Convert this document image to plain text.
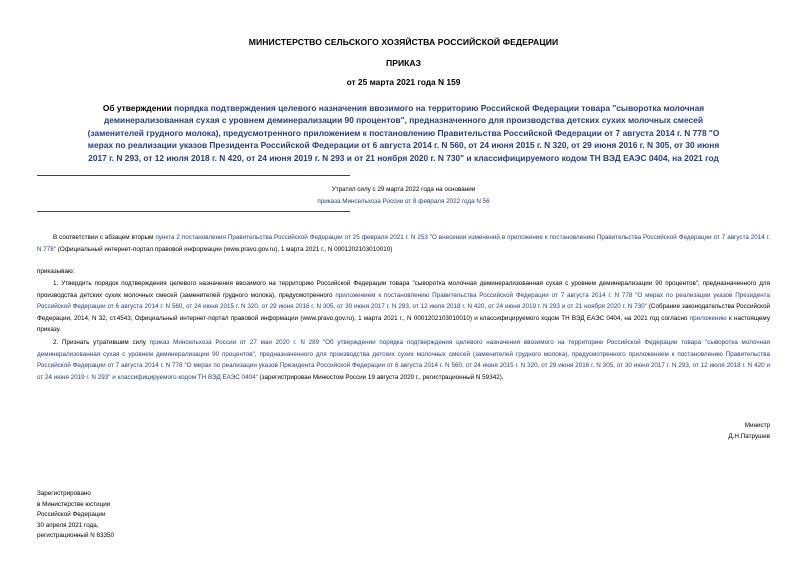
МИНИСТЕРСТВО СЕЛЬСКОГО ХОЗЯЙСТВА РОССИЙСКОЙ ФЕДЕРАЦИИ
ПРИКАЗ
от 25 марта 2021 года N 159
Об утверждении порядка подтверждения целевого назначения ввозимого на территорию Российской Федерации товара "сыворотка молочная деминерализованная сухая с уровнем деминерализации 90 процентов", предназначенного для производства детских сухих молочных смесей (заменителей грудного молока), предусмотренного приложением к постановлению Правительства Российской Федерации от 7 августа 2014 г. N 778 "О мерах по реализации указов Президента Российской Федерации от 6 августа 2014 г. N 560, от 24 июня 2015 г. N 320, от 29 июня 2016 г. N 305, от 30 июня 2017 г. N 293, от 12 июля 2018 г. N 420, от 24 июня 2019 г. N 293 и от 21 ноября 2020 г. N 730" и классифицируемого кодом ТН ВЭД ЕАЭС 0404, на 2021 год
Утратил силу с 29 марта 2022 года на основании
приказа Минсельхоза России от 8 февраля 2022 года N 56
В соответствии с абзацем вторым пункта 2 постановления Правительства Российской Федерации от 25 февраля 2021 г. N 253 "О внесении изменений в приложение к постановлению Правительства Российской Федерации от 7 августа 2014 г. N 778" (Официальный интернет-портал правовой информации (www.pravo.gov.ru), 1 марта 2021 г., N 0001202103010010)
приказываю:
1. Утвердить порядок подтверждения целевого назначения ввозимого на территорию Российской Федерации товара "сыворотка молочная деминерализованная сухая с уровнем деминерализации 90 процентов", предназначенного для производства детских сухих молочных смесей (заменителей грудного молока), предусмотренного приложением к постановлению Правительства Российской Федерации от 7 августа 2014 г. N 778 "О мерах по реализации указов Президента Российской Федерации от 6 августа 2014 г. N 560, от 24 июня 2015 г. N 320, от 29 июня 2016 г. N 305, от 30 июня 2017 г. N 293, от 12 июля 2018 г. N 420, от 24 июня 2019 г. N 293 и от 21 ноября 2020 г. N 730" (Собрание законодательства Российской Федерации, 2014, N 32, ст.4543; Официальный интернет-портал правовой информации (www.pravo.gov.ru), 1 марта 2021 г., N 0001202103010010) и классифицируемого кодом ТН ВЭД ЕАЭС 0404, на 2021 год согласно приложению к настоящему приказу.
2. Признать утратившим силу приказ Минсельхоза России от 27 мая 2020 г. N 289 "Об утверждении порядка подтверждения целевого назначения ввозимого на территорию Российской Федерации товара "сыворотка молочная деминерализованная сухая с уровнем деминерализации 90 процентов", предназначенного для производства детских сухих молочных смесей (заменителей грудного молока), предусмотренного приложением к постановлению Правительства Российской Федерации от 7 августа 2014 г. N 778 "О мерах по реализации указов Президента Российской Федерации от 6 августа 2014 г. N 560, от 24 июня 2015 г. N 320, от 29 июня 2016 г. N 305, от 30 июня 2017 г. N 293, от 12 июля 2018 г. N 420 и от 24 июня 2019 г. N 293" и классифицируемого кодом ТН ВЭД ЕАЭС 0404" (зарегистрирован Минюстом России 19 августа 2020 г., регистрационный N 59342).
Министр
Д.Н.Патрушев
Зарегистрировано
в Министерстве юстиции
Российской Федерации
30 апреля 2021 года,
регистрационный N 63350
